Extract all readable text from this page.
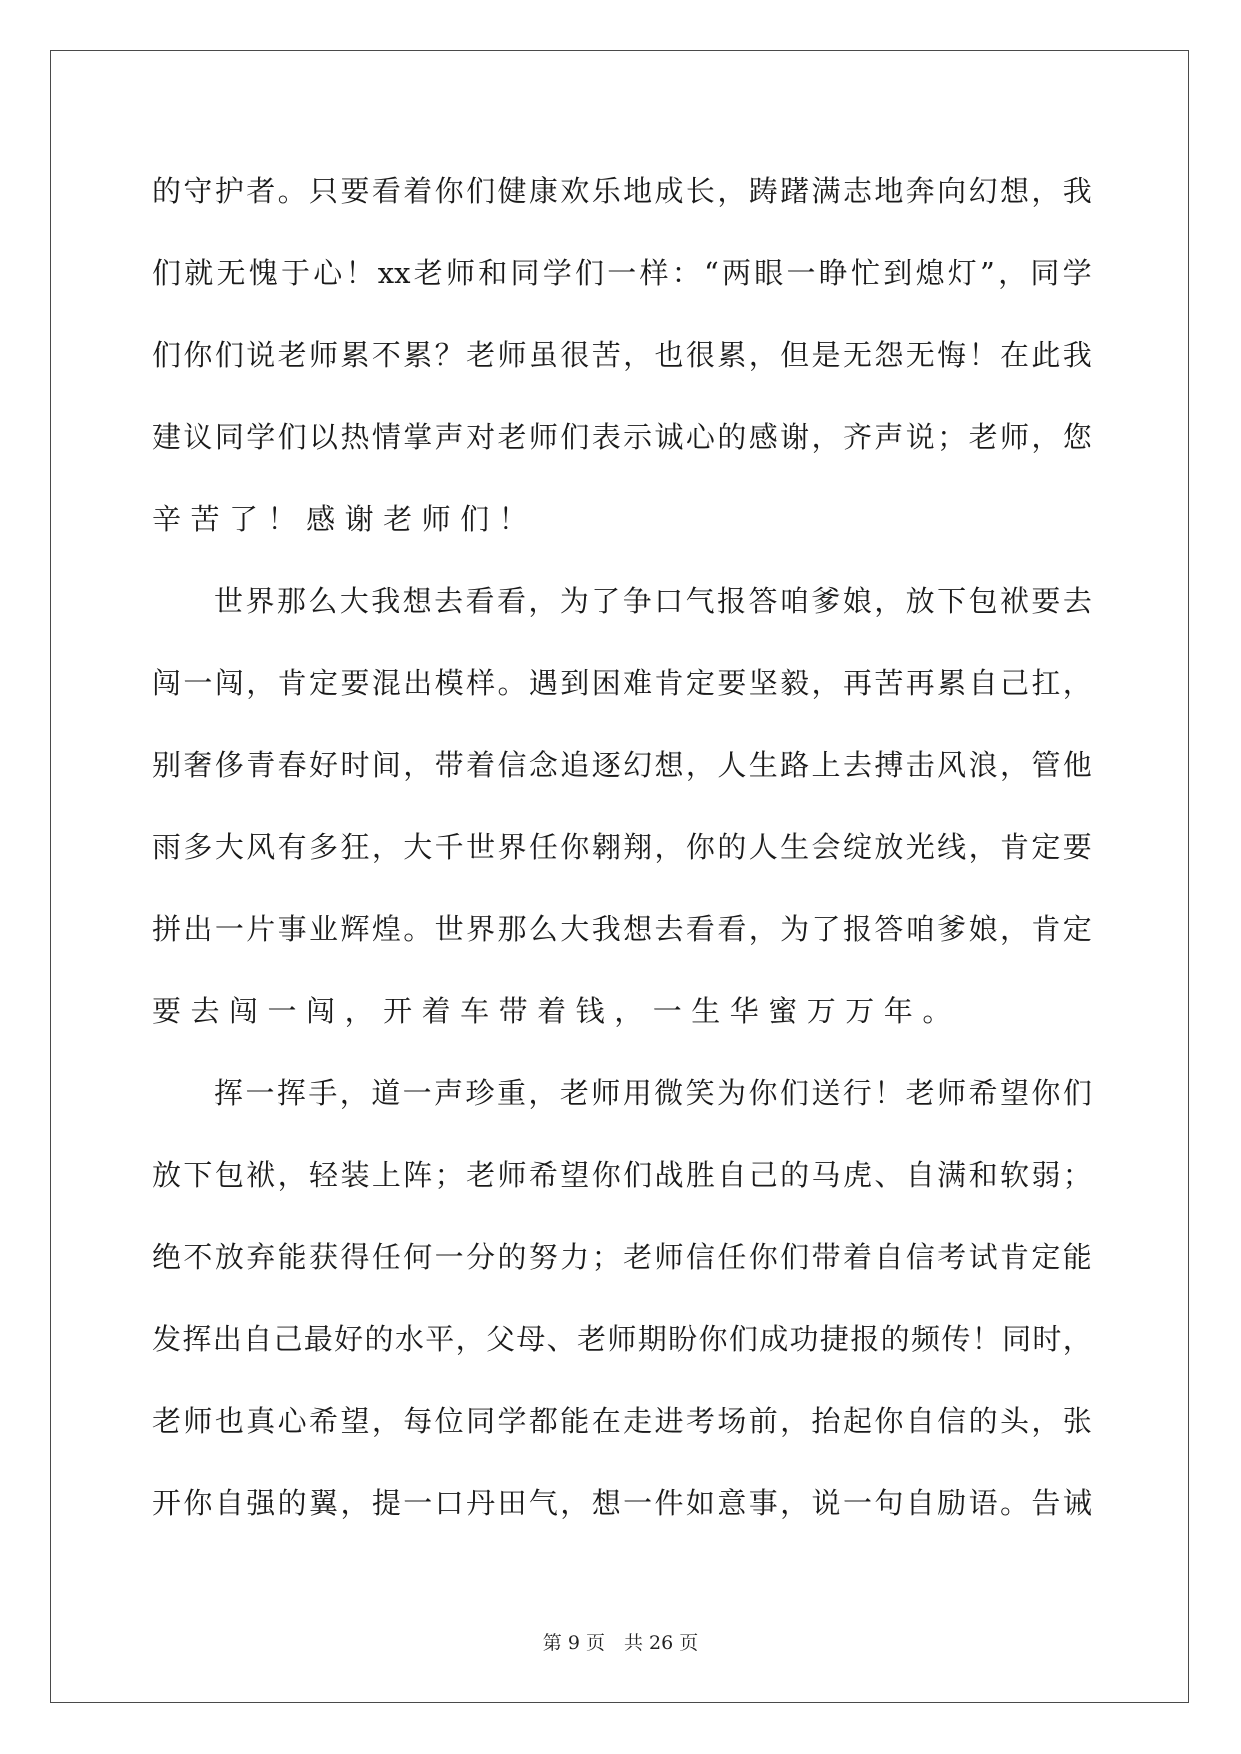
的 守 护 者 。 只 要 看 着 你 们 健 康 欢 乐 地 成 长 ， 踌 躇 满 志 地 奔 向 幻 想 ， 我
们 就 无 愧 于 心 ！ xx 老 师 和 同 学 们 一 样 ： “ 两 眼 一 睁 忙 到 熄 灯 ” ， 同 学
们 你 们 说 老 师 累 不 累 ？ 老 师 虽 很 苦 ， 也 很 累 ， 但 是 无 怨 无 悔 ！ 在 此 我
建 议 同 学 们 以 热 情 掌 声 对 老 师 们 表 示 诚 心 的 感 谢 ， 齐 声 说 ； 老 师 ， 您
辛 苦 了 ！ 感 谢 老 师 们 ！
世 界 那 么 大 我 想 去 看 看 ， 为 了 争 口 气 报 答 咱 爹 娘 ， 放 下 包 袱 要 去
闯 一 闯 ， 肯 定 要 混 出 模 样 。 遇 到 困 难 肯 定 要 坚 毅 ， 再 苦 再 累 自 己 扛 ，
别 奢 侈 青 春 好 时 间 ， 带 着 信 念 追 逐 幻 想 ， 人 生 路 上 去 搏 击 风 浪 ， 管 他
雨 多 大 风 有 多 狂 ， 大 千 世 界 任 你 翱 翔 ， 你 的 人 生 会 绽 放 光 线 ， 肯 定 要
拼 出 一 片 事 业 辉 煌 。 世 界 那 么 大 我 想 去 看 看 ， 为 了 报 答 咱 爹 娘 ， 肯 定
要 去 闯 一 闯 ， 开 着 车 带 着 钱 ， 一 生 华 蜜 万 万 年 。
挥 一 挥 手 ， 道 一 声 珍 重 ， 老 师 用 微 笑 为 你 们 送 行 ！ 老 师 希 望 你 们
放 下 包 袱 ， 轻 装 上 阵 ； 老 师 希 望 你 们 战 胜 自 己 的 马 虎 、 自 满 和 软 弱 ；
绝 不 放 弃 能 获 得 任 何 一 分 的 努 力 ； 老 师 信 任 你 们 带 着 自 信 考 试 肯 定 能
发 挥 出 自 己 最 好 的 水 平 ， 父 母 、 老 师 期 盼 你 们 成 功 捷 报 的 频 传 ！ 同 时 ，
老 师 也 真 心 希 望 ， 每 位 同 学 都 能 在 走 进 考 场 前 ， 抬 起 你 自 信 的 头 ， 张
开 你 自 强 的 翼 ， 提 一 口 丹 田 气 ， 想 一 件 如 意 事 ， 说 一 句 自 励 语 。 告 诫
第 9 页　共 26 页
